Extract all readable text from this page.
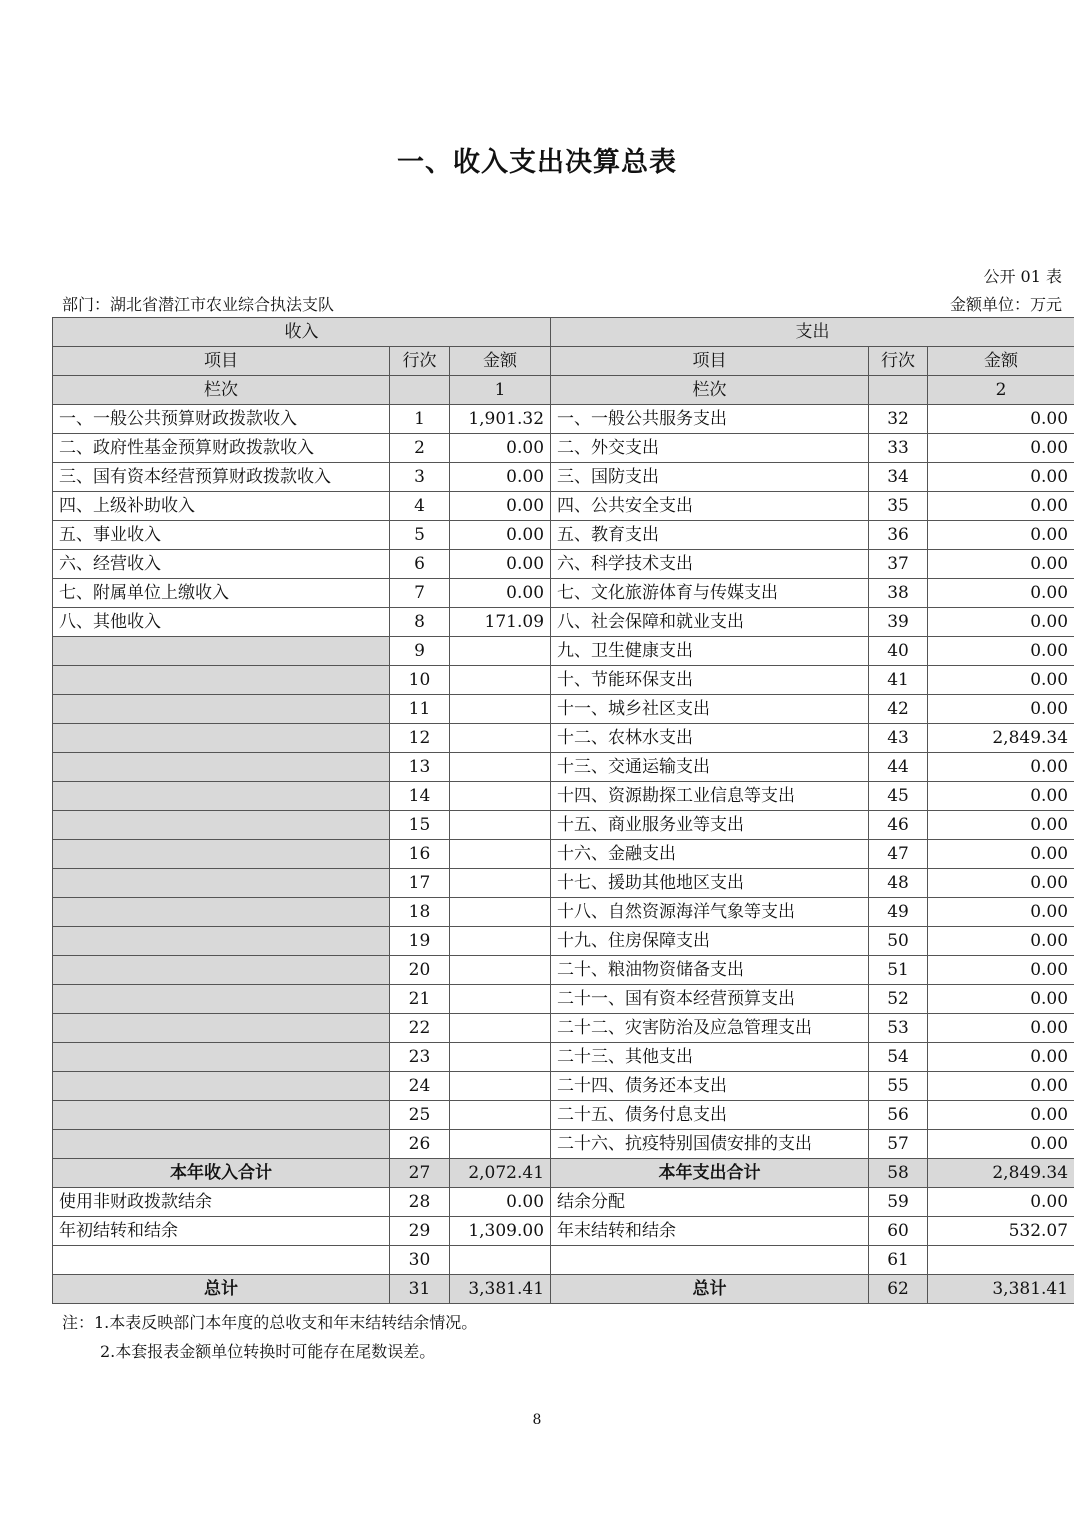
一、收入支出决算总表
公开 01 表
部门：湖北省潜江市农业综合执法支队	金额单位：万元
收入			支出		
项目	行次	金额	项目	行次	金额
栏次		1	栏次		2
一、一般公共预算财政拨款收入	1	1,901.32	一、一般公共服务支出	32	0.00
二、政府性基金预算财政拨款收入	2	0.00	二、外交支出	33	0.00
三、国有资本经营预算财政拨款收入	3	0.00	三、国防支出	34	0.00
四、上级补助收入	4	0.00	四、公共安全支出	35	0.00
五、事业收入	5	0.00	五、教育支出	36	0.00
六、经营收入	6	0.00	六、科学技术支出	37	0.00
七、附属单位上缴收入	7	0.00	七、文化旅游体育与传媒支出	38	0.00
八、其他收入	8	171.09	八、社会保障和就业支出	39	0.00
	9		九、卫生健康支出	40	0.00
	10		十、节能环保支出	41	0.00
	11		十一、城乡社区支出	42	0.00
	12		十二、农林水支出	43	2,849.34
	13		十三、交通运输支出	44	0.00
	14		十四、资源勘探工业信息等支出	45	0.00
	15		十五、商业服务业等支出	46	0.00
	16		十六、金融支出	47	0.00
	17		十七、援助其他地区支出	48	0.00
	18		十八、自然资源海洋气象等支出	49	0.00
	19		十九、住房保障支出	50	0.00
	20		二十、粮油物资储备支出	51	0.00
	21		二十一、国有资本经营预算支出	52	0.00
	22		二十二、灾害防治及应急管理支出	53	0.00
	23		二十三、其他支出	54	0.00
	24		二十四、债务还本支出	55	0.00
	25		二十五、债务付息支出	56	0.00
	26		二十六、抗疫特别国债安排的支出	57	0.00
本年收入合计	27	2,072.41	本年支出合计	58	2,849.34
使用非财政拨款结余	28	0.00	结余分配	59	0.00
年初结转和结余	29	1,309.00	年末结转和结余	60	532.07
	30			61	
总计	31	3,381.41	总计	62	3,381.41
注：1.本表反映部门本年度的总收支和年末结转结余情况。
2.本套报表金额单位转换时可能存在尾数误差。
8
